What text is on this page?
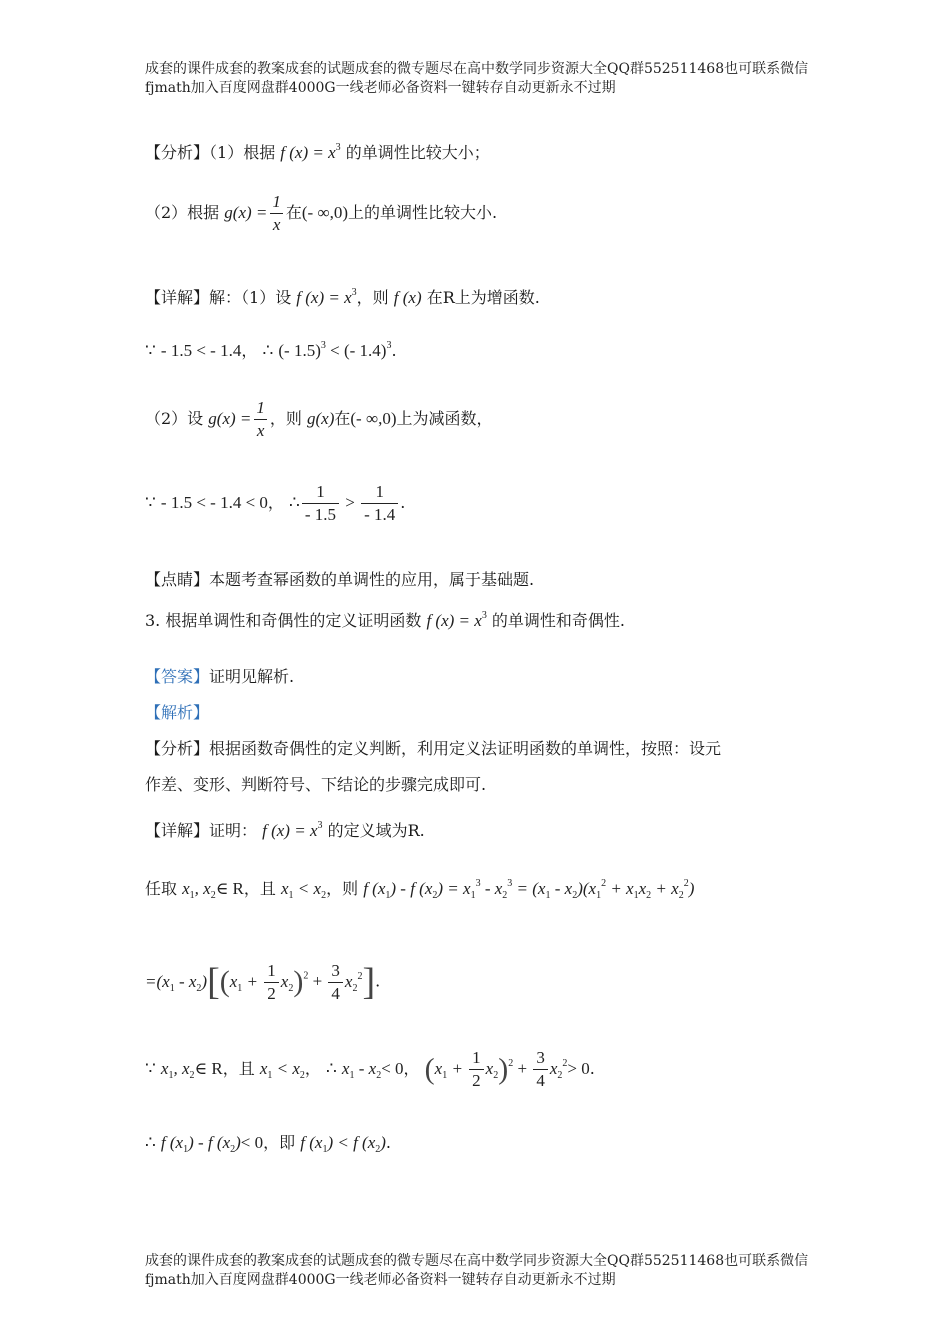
成套的课件成套的教案成套的试题成套的微专题尽在高中数学同步资源大全QQ群552511468也可联系微信fjmath加入百度网盘群4000G一线老师必备资料一键转存自动更新永不过期
【分析】（1）根据 f $(x) = x^3$ 的单调性比较大小；
（2）根据 $g(x) = \frac{1}{x}$ 在(- ∞,0)上的单调性比较大小.
【详解】解：（1）设 f $(x) = x^3$，则 f (x) 在R上为增函数.
∵ - 1.5 < - 1.4， ∴ (- 1.5)$^3$ < (- 1.4)$^3$.
（2）设 $g(x) = \frac{1}{x}$ ，则 g(x)在(- ∞,0)上为减函数，
∵ - 1.5 < - 1.4 < 0， ∴ $\frac{1}{- 1.5} > \frac{1}{- 1.4}$ .
【点睛】本题考查幂函数的单调性的应用，属于基础题.
3. 根据单调性和奇偶性的定义证明函数 f $(x) = x^3$ 的单调性和奇偶性.
【答案】证明见解析.
【解析】
【分析】根据函数奇偶性的定义判断，利用定义法证明函数的单调性，按照：设元
作差、变形、判断符号、下结论的步骤完成即可.
【详解】证明： f $(x) = x^3$ 的定义域为R.
任取 $x_1$, $x_2\in$ R，且 $x_1 < x_2$，则 f $(x_1)$ - f $(x_2) = x_1^3 - x_2^3 = (x_1 - x_2)(x_1^2 + x_1x_2 + x_2^2)$
$=(x_1 - x_2)[(x_1 + \frac{1}{2} x_2)^2 + \frac{3}{4} x_2^2]$.
∵ $x_1$, $x_2\in$ R，且 $x_1 < x_2$， ∴ $x_1 - x_2< 0$， $(x_1 + \frac{1}{2} x_2)^2 + \frac{3}{4} x_2^2> 0$.
∴ f $(x_1)$ - f $(x_2)< 0$，即 f $(x_1) < f$ $(x_2)$.
成套的课件成套的教案成套的试题成套的微专题尽在高中数学同步资源大全QQ群552511468也可联系微信fjmath加入百度网盘群4000G一线老师必备资料一键转存自动更新永不过期
